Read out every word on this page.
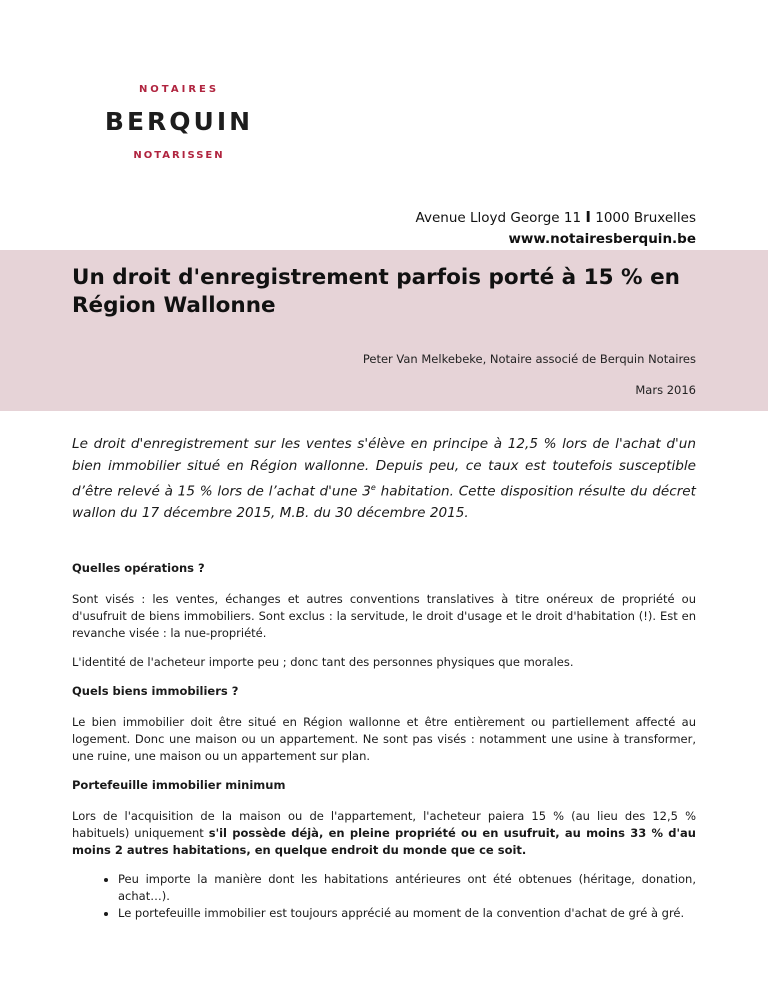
NOTAIRES
BERQUIN
NOTARISSEN
Avenue Lloyd George 11 I 1000 Bruxelles
www.notairesberquin.be
Un droit d'enregistrement parfois porté à 15 % en Région Wallonne
Peter Van Melkebeke, Notaire associé de Berquin Notaires
Mars 2016

Le droit d'enregistrement sur les ventes s'élève en principe à 12,5 % lors de l'achat d'un bien immobilier situé en Région wallonne. Depuis peu, ce taux est toutefois susceptible d’être relevé à 15 % lors de l’achat d'une 3e habitation. Cette disposition résulte du décret wallon du 17 décembre 2015, M.B. du 30 décembre 2015.

Quelles opérations ?

Sont visés : les ventes, échanges et autres conventions translatives à titre onéreux de propriété ou d'usufruit de biens immobiliers. Sont exclus : la servitude, le droit d'usage et le droit d'habitation (!). Est en revanche visée : la nue-propriété.

L'identité de l'acheteur importe peu ; donc tant des personnes physiques que morales.

Quels biens immobiliers ?

Le bien immobilier doit être situé en Région wallonne et être entièrement ou partiellement affecté au logement. Donc une maison ou un appartement. Ne sont pas visés : notamment une usine à transformer, une ruine, une maison ou un appartement sur plan.

Portefeuille immobilier minimum

Lors de l'acquisition de la maison ou de l'appartement, l'acheteur paiera 15 % (au lieu des 12,5 % habituels) uniquement s'il possède déjà, en pleine propriété ou en usufruit, au moins 33 % d'au moins 2 autres habitations, en quelque endroit du monde que ce soit.

• Peu importe la manière dont les habitations antérieures ont été obtenues (héritage, donation, achat…).
• Le portefeuille immobilier est toujours apprécié au moment de la convention d'achat de gré à gré.
